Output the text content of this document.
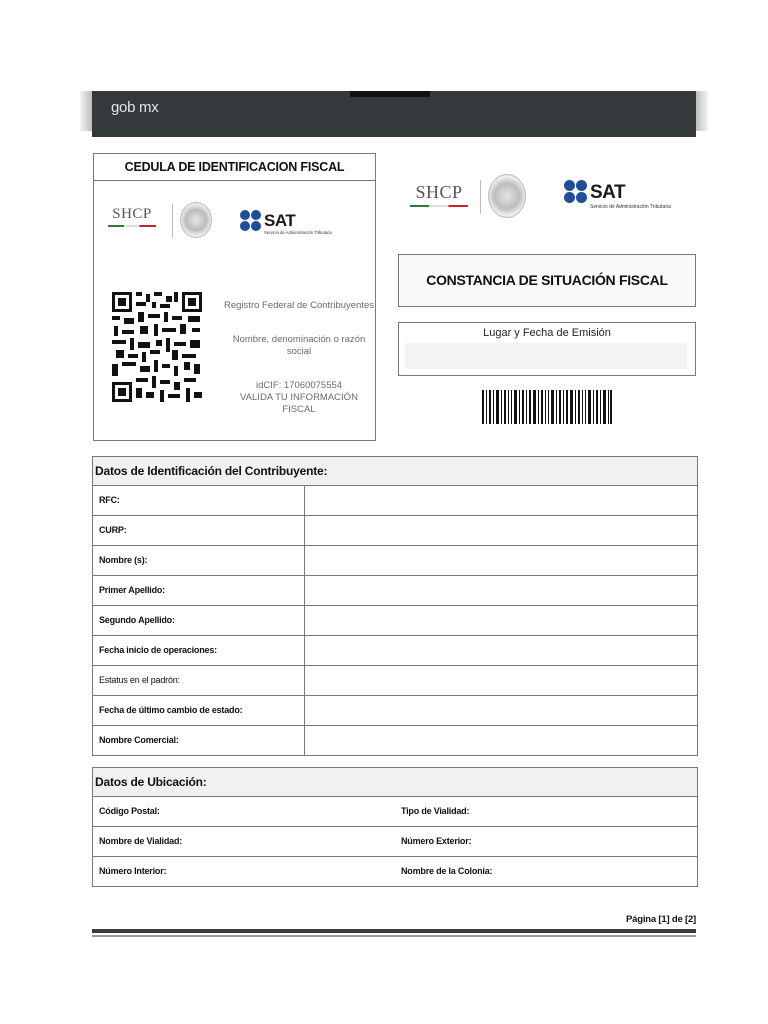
gob mx
CEDULA DE IDENTIFICACION FISCAL
SHCP
	SAT
Servicio de Administración Tributaria
Registro Federal de Contribuyentes
Nombre, denominación o razón social
idCIF: 17060075554
VALIDA TU INFORMACIÓN FISCAL
SHCP	SAT
Servicio de Administración Tributaria
CONSTANCIA DE SITUACIÓN FISCAL
Lugar y Fecha de Emisión
Datos de Identificación del Contribuyente:
RFC:
CURP:
Nombre (s):
Primer Apellido:
Segundo Apellido:
Fecha inicio de operaciones:
Estatus en el padrón:
Fecha de último cambio de estado:
Nombre Comercial:
Datos de Ubicación:
Código Postal:	Tipo de Vialidad:
Nombre de Vialidad:	Número Exterior:
Número Interior:	Nombre de la Colonia:
Página [1] de [2]
